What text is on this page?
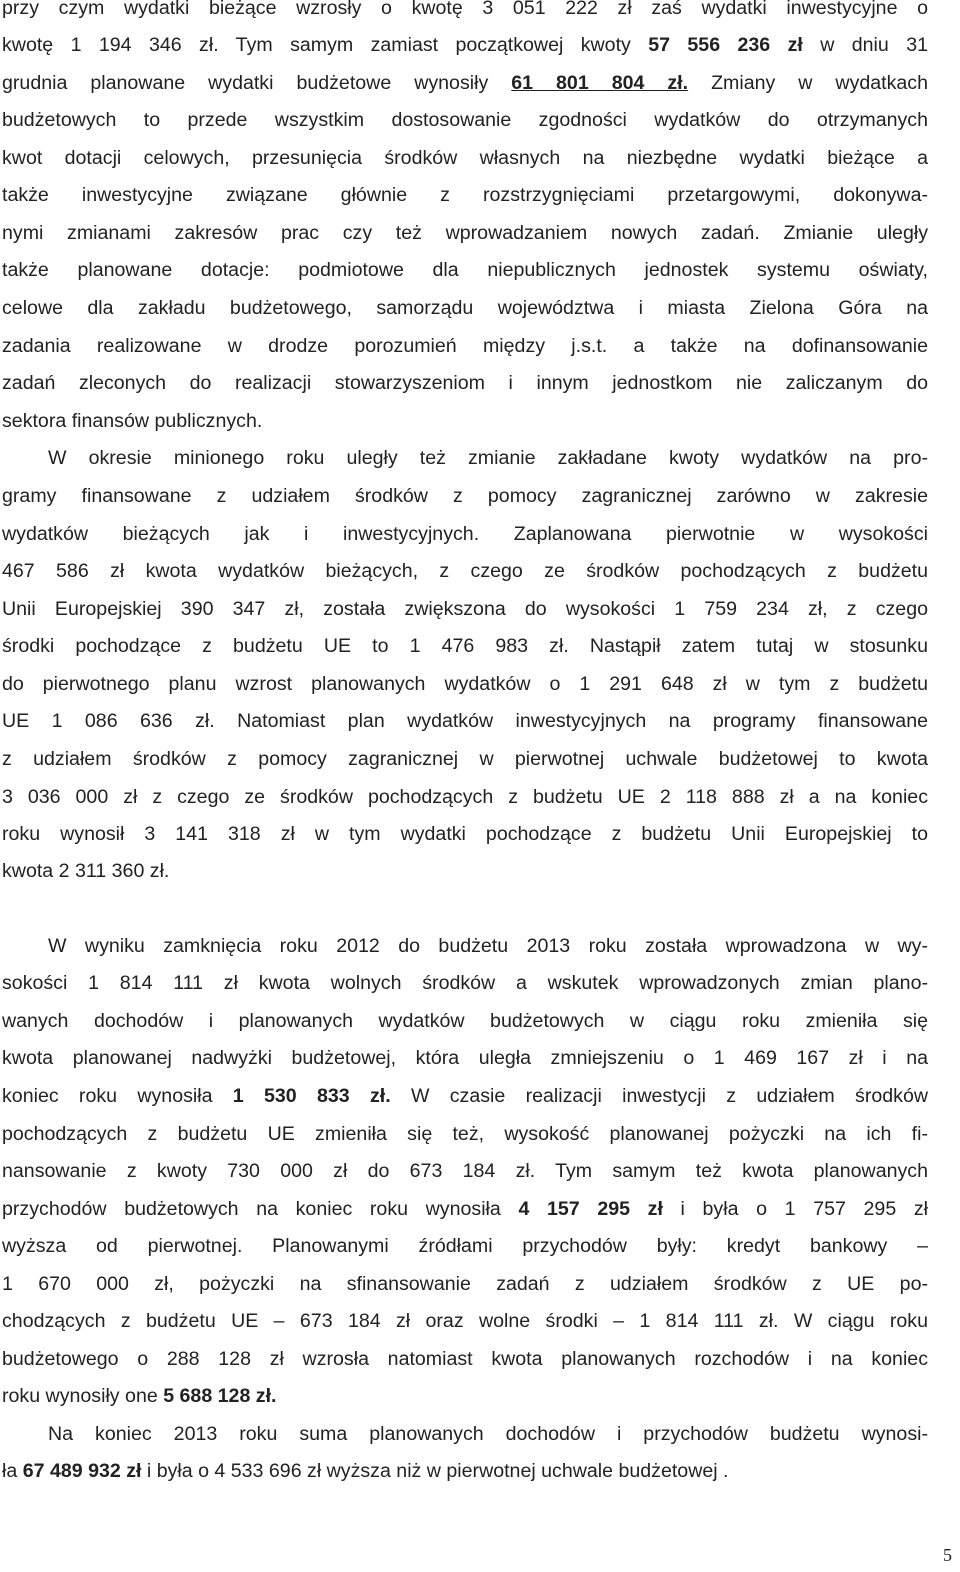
przy czym wydatki bieżące wzrosły o kwotę 3 051 222 zł zaś wydatki inwestycyjne o
kwotę 1 194 346 zł. Tym samym zamiast początkowej kwoty 57 556 236 zł w dniu 31
grudnia planowane wydatki budżetowe wynosiły 61 801 804 zł. Zmiany w wydatkach
budżetowych to przede wszystkim dostosowanie zgodności wydatków do otrzymanych
kwot dotacji celowych, przesunięcia środków własnych na niezbędne wydatki bieżące a
także inwestycyjne związane głównie z rozstrzygnięciami przetargowymi, dokonywa-
nymi zmianami zakresów prac czy też wprowadzaniem nowych zadań. Zmianie uległy
także planowane dotacje: podmiotowe dla niepublicznych jednostek systemu oświaty,
celowe dla zakładu budżetowego, samorządu województwa i miasta Zielona Góra na
zadania realizowane w drodze porozumień między j.s.t. a także na dofinansowanie
zadań zleconych do realizacji stowarzyszeniom i innym jednostkom nie zaliczanym do
sektora finansów publicznych.
W okresie minionego roku uległy też zmianie zakładane kwoty wydatków na pro-
gramy finansowane z udziałem środków z pomocy zagranicznej zarówno w zakresie
wydatków bieżących jak i inwestycyjnych. Zaplanowana pierwotnie w wysokości
467 586 zł kwota wydatków bieżących, z czego ze środków pochodzących z budżetu
Unii Europejskiej 390 347 zł, została zwiększona do wysokości 1 759 234 zł, z czego
środki pochodzące z budżetu UE to 1 476 983 zł. Nastąpił zatem tutaj w stosunku
do pierwotnego planu wzrost planowanych wydatków o 1 291 648 zł w tym z budżetu
UE 1 086 636 zł. Natomiast plan wydatków inwestycyjnych na programy finansowane
z udziałem środków z pomocy zagranicznej w pierwotnej uchwale budżetowej to kwota
3 036 000 zł z czego ze środków pochodzących z budżetu UE 2 118 888 zł a na koniec
roku wynosił 3 141 318 zł w tym wydatki pochodzące z budżetu Unii Europejskiej to
kwota 2 311 360 zł.
W wyniku zamknięcia roku 2012 do budżetu 2013 roku została wprowadzona w wy-
sokości 1 814 111 zł kwota wolnych środków a wskutek wprowadzonych zmian plano-
wanych dochodów i planowanych wydatków budżetowych w ciągu roku zmieniła się
kwota planowanej nadwyżki budżetowej, która uległa zmniejszeniu o 1 469 167 zł i na
koniec roku wynosiła 1 530 833 zł. W czasie realizacji inwestycji z udziałem środków
pochodzących z budżetu UE zmieniła się też, wysokość planowanej pożyczki na ich fi-
nansowanie z kwoty 730 000 zł do 673 184 zł. Tym samym też kwota planowanych
przychodów budżetowych na koniec roku wynosiła 4 157 295 zł i była o 1 757 295 zł
wyższa od pierwotnej. Planowanymi źródłami przychodów były: kredyt bankowy –
1 670 000 zł, pożyczki na sfinansowanie zadań z udziałem środków z UE po-
chodzących z budżetu UE – 673 184 zł oraz wolne środki – 1 814 111 zł. W ciągu roku
budżetowego o 288 128 zł wzrosła natomiast kwota planowanych rozchodów i na koniec
roku wynosiły one 5 688 128 zł.
Na koniec 2013 roku suma planowanych dochodów i przychodów budżetu wynosi-
ła 67 489 932 zł i była o 4 533 696 zł wyższa niż w pierwotnej uchwale budżetowej .
5
